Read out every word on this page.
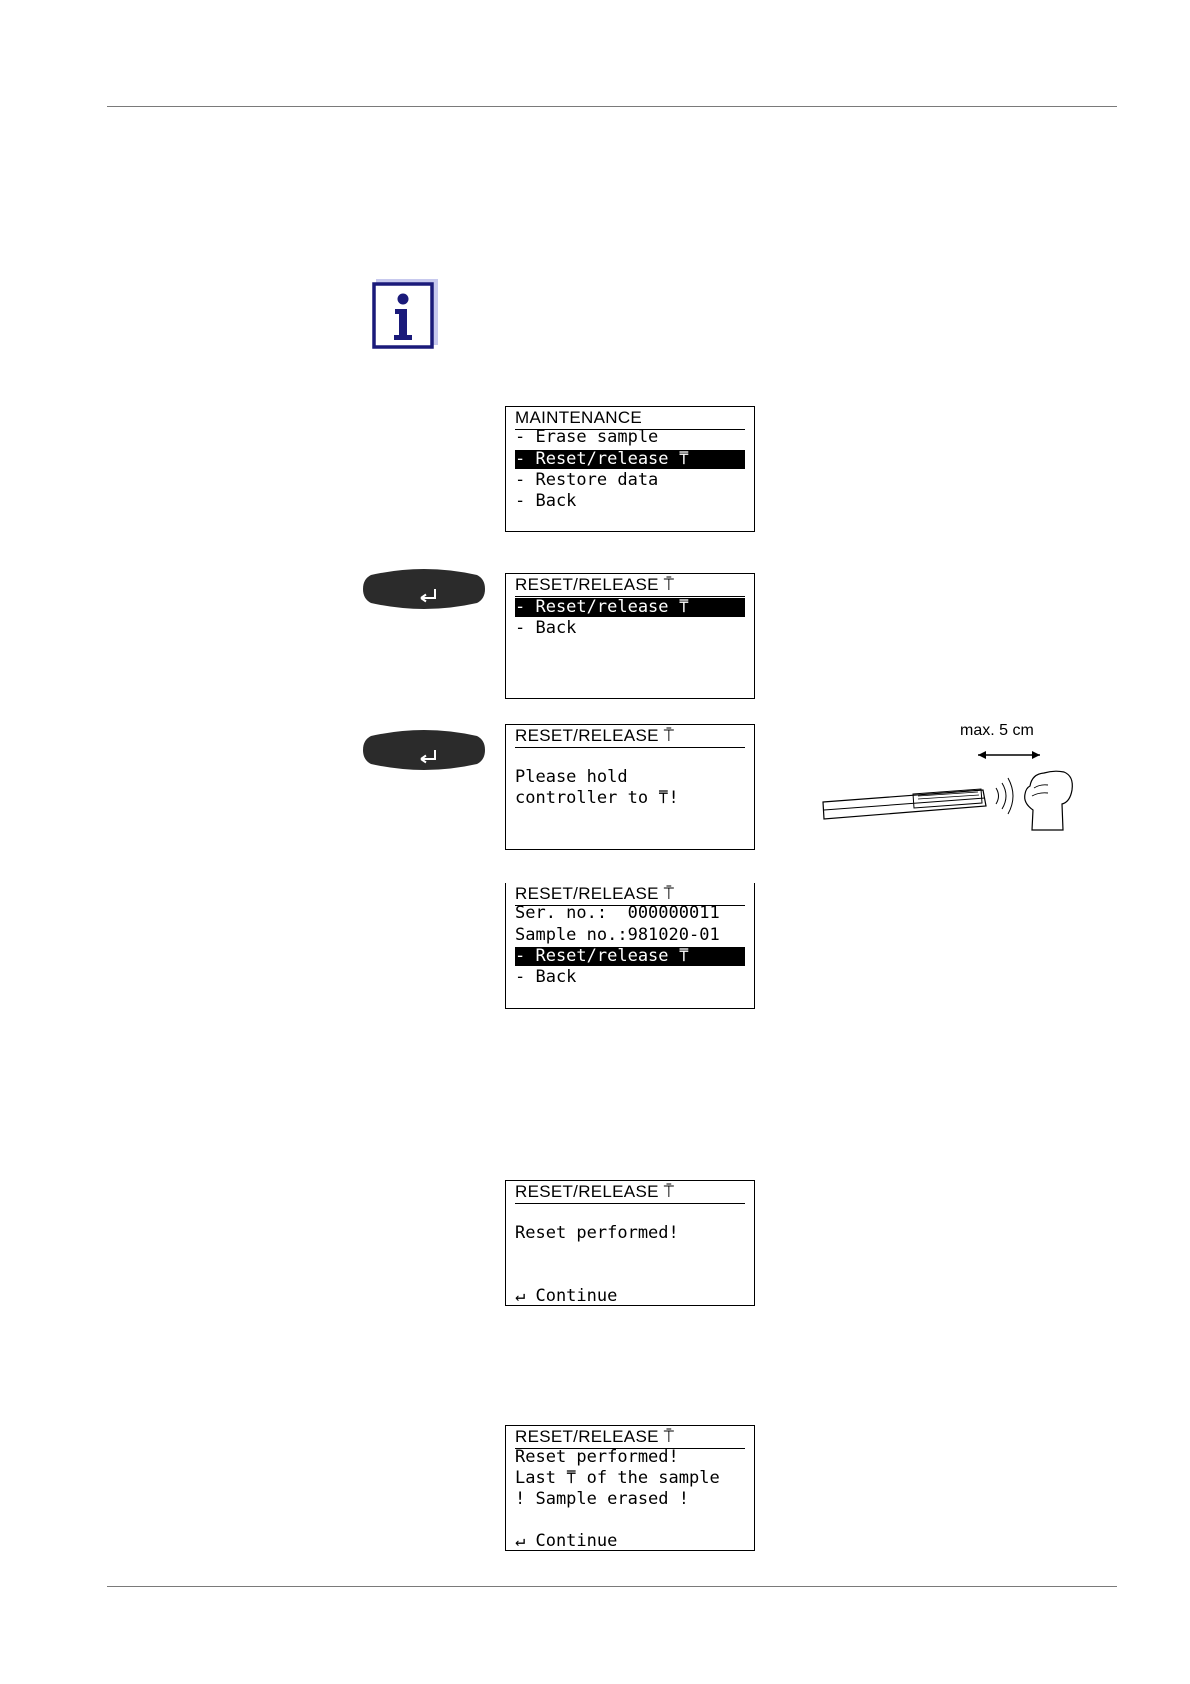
MAINTENANCE
- Erase sample
- Reset/release ⍑
- Restore data
- Back
RESET/RELEASE ⍑
- Reset/release ⍑
- Back
RESET/RELEASE ⍑
Please hold
controller to ⍑!
max. 5 cm
RESET/RELEASE ⍑
Ser. no.:  000000011
Sample no.:981020-01
- Reset/release ⍑
- Back
RESET/RELEASE ⍑
Reset performed!
↵ Continue
RESET/RELEASE ⍑
Reset performed!
Last ⍑ of the sample
! Sample erased !
↵ Continue
